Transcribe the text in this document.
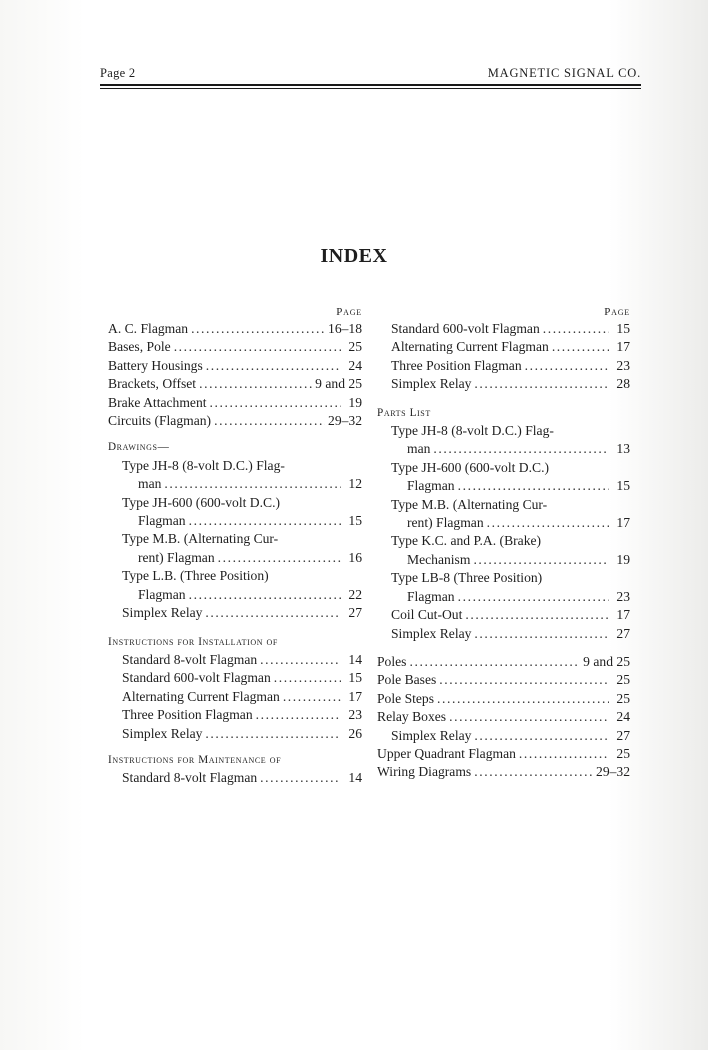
Page 2	MAGNETIC SIGNAL CO.
INDEX
Page
A. C. Flagman .....	16–18
Bases, Pole .....	25
Battery Housings .....	24
Brackets, Offset .....	9 and 25
Brake Attachment .....	19
Circuits (Flagman) .....	29–32
Drawings—
Type JH-8 (8-volt D.C.) Flag-
man .....	12
Type JH-600 (600-volt D.C.)
Flagman .....	15
Type M.B. (Alternating Cur-
rent) Flagman .....	16
Type L.B. (Three Position)
Flagman .....	22
Simplex Relay .....	27
Instructions for Installation of
Standard 8-volt Flagman .....	14
Standard 600-volt Flagman .....	15
Alternating Current Flagman .....	17
Three Position Flagman .....	23
Simplex Relay .....	26
Instructions for Maintenance of
Standard 8-volt Flagman .....	14
Page
Standard 600-volt Flagman .....	15
Alternating Current Flagman .....	17
Three Position Flagman .....	23
Simplex Relay .....	28
Parts List
Type JH-8 (8-volt D.C.) Flag-
man .....	13
Type JH-600 (600-volt D.C.)
Flagman .....	15
Type M.B. (Alternating Cur-
rent) Flagman .....	17
Type K.C. and P.A. (Brake)
Mechanism .....	19
Type LB-8 (Three Position)
Flagman .....	23
Coil Cut-Out .....	17
Simplex Relay .....	27
Poles .....	9 and 25
Pole Bases .....	25
Pole Steps .....	25
Relay Boxes .....	24
Simplex Relay .....	27
Upper Quadrant Flagman .....	25
Wiring Diagrams .....	29–32
